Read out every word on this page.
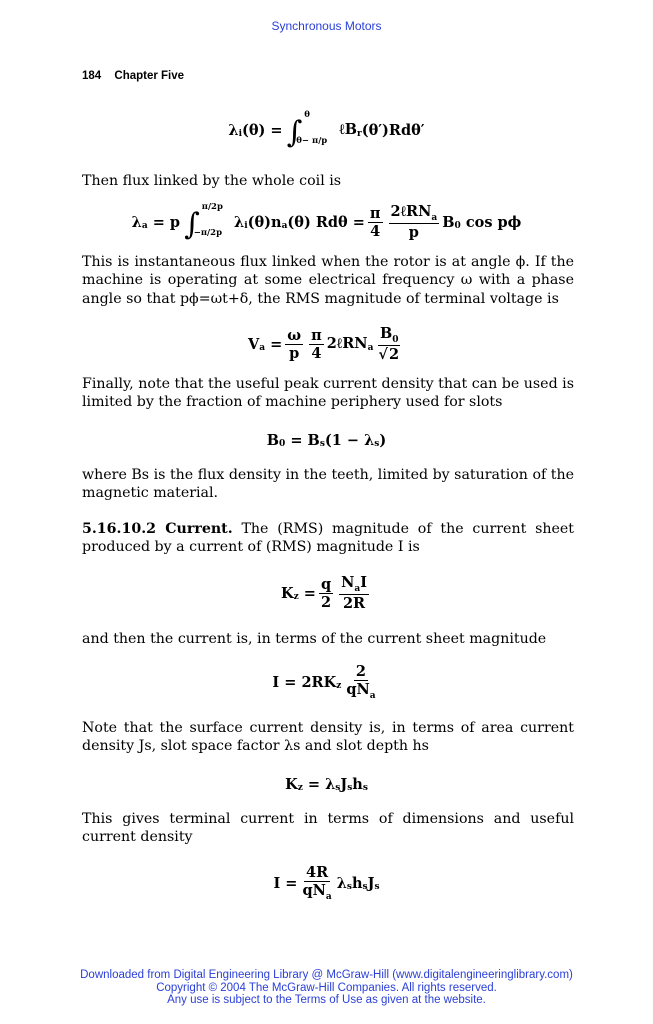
Synchronous Motors
184 Chapter Five
λ i (θ) = ∫ θ
θ− π/p
ℓB r (θ′)Rdθ′
Then flux linked by the whole coil is
λ a
= p ∫ π/2p
−π/2p
λ i (θ)n a (θ) $Rd\theta = \frac{\pi}{4} \frac{2\ell RN_a}{p}$ B 0
cos pϕ
This is instantaneous flux linked when the rotor is at angle ϕ. If the machine is operating at some electrical frequency ω with a phase angle so that pϕ=ωt+δ, the RMS magnitude of terminal voltage is
V a
= $\frac{\omega}{p} \frac{\pi}{4}$ 2ℓRN a $\frac{B_0}{√2}$
Finally, note that the useful peak current density that can be used is limited by the fraction of machine periphery used for slots
B 0
= B s (1 − λ s )
where Bs is the flux density in the teeth, limited by saturation of the magnetic material.
5.16.10.2 Current. The (RMS) magnitude of the current sheet produced by a current of (RMS) magnitude I is
K z
= $\frac{q}{2} \frac{N_aI}{2R}$
and then the current is, in terms of the current sheet magnitude
I = 2RK z $\frac{2}{qN_a}$
Note that the surface current density is, in terms of area current density Js, slot space factor λs and slot depth hs
K z
= λ s J s h s
This gives terminal current in terms of dimensions and useful current density
$I = \frac{4R}{qN_a}$ λ s h s J s
Downloaded from Digital Engineering Library @ McGraw-Hill (www.digitalengineeringlibrary.com)
Copyright © 2004 The McGraw-Hill Companies. All rights reserved.
Any use is subject to the Terms of Use as given at the website.
